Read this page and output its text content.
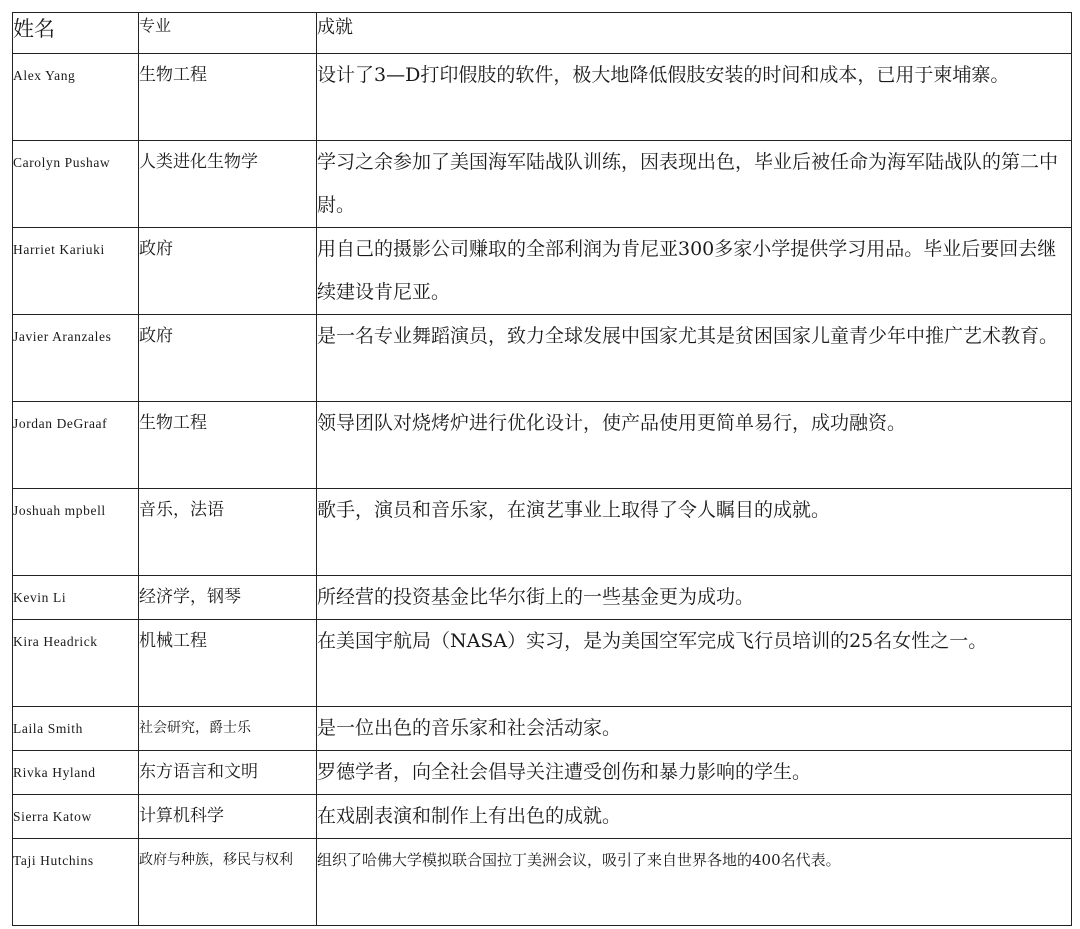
姓名	专业	成就
Alex Yang	生物工程	设计了3—D打印假肢的软件，极大地降低假肢安装的时间和成本，已用于柬埔寨。
Carolyn Pushaw	人类进化生物学	学习之余参加了美国海军陆战队训练，因表现出色，毕业后被任命为海军陆战队的第二中尉。
Harriet Kariuki	政府	用自己的摄影公司赚取的全部利润为肯尼亚300多家小学提供学习用品。毕业后要回去继续建设肯尼亚。
Javier Aranzales	政府	是一名专业舞蹈演员，致力全球发展中国家尤其是贫困国家儿童青少年中推广艺术教育。
Jordan DeGraaf	生物工程	领导团队对烧烤炉进行优化设计，使产品使用更简单易行，成功融资。
Joshuah mpbell	音乐，法语	歌手，演员和音乐家，在演艺事业上取得了令人瞩目的成就。
Kevin Li	经济学，钢琴	所经营的投资基金比华尔街上的一些基金更为成功。
Kira Headrick	机械工程	在美国宇航局（NASA）实习，是为美国空军完成飞行员培训的25名女性之一。
Laila Smith	社会研究，爵士乐	是一位出色的音乐家和社会活动家。
Rivka Hyland	东方语言和文明	罗德学者，向全社会倡导关注遭受创伤和暴力影响的学生。
Sierra Katow	计算机科学	在戏剧表演和制作上有出色的成就。
Taji Hutchins	政府与种族，移民与权利	组织了哈佛大学模拟联合国拉丁美洲会议，吸引了来自世界各地的400名代表。
